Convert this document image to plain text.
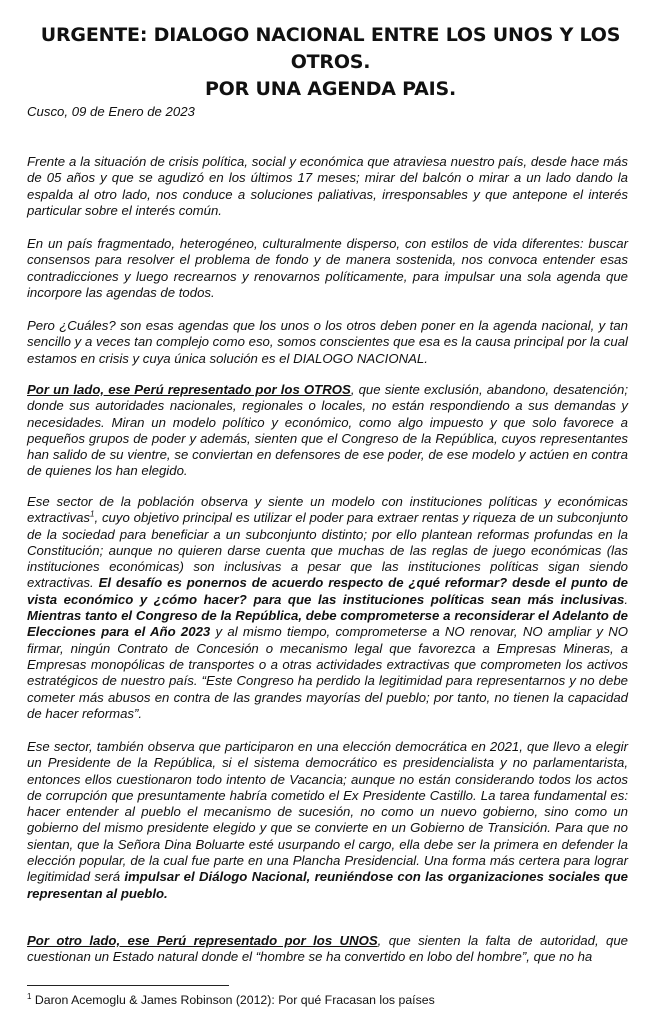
URGENTE: DIALOGO NACIONAL ENTRE LOS UNOS Y LOS OTROS.
POR UNA AGENDA PAIS.
Cusco, 09 de Enero de 2023
Frente a la situación de crisis política, social y económica que atraviesa nuestro país, desde hace más de 05 años y que se agudizó en los últimos 17 meses; mirar del balcón o mirar a un lado dando la espalda al otro lado, nos conduce a soluciones paliativas, irresponsables y que antepone el interés particular sobre el interés común.
En un país fragmentado, heterogéneo, culturalmente disperso, con estilos de vida diferentes: buscar consensos para resolver el problema de fondo y de manera sostenida, nos convoca entender esas contradicciones y luego recrearnos y renovarnos políticamente, para impulsar una sola agenda que incorpore las agendas de todos.
Pero ¿Cuáles? son esas agendas que los unos o los otros deben poner en la agenda nacional, y tan sencillo y a veces tan complejo como eso, somos conscientes que esa es la causa principal por la cual estamos en crisis y cuya única solución es el DIALOGO NACIONAL.
Por un lado, ese Perú representado por los OTROS, que siente exclusión, abandono, desatención; donde sus autoridades nacionales, regionales o locales, no están respondiendo a sus demandas y necesidades. Miran un modelo político y económico, como algo impuesto y que solo favorece a pequeños grupos de poder y además, sienten que el Congreso de la República, cuyos representantes han salido de su vientre, se conviertan en defensores de ese poder, de ese modelo y actúen en contra de quienes los han elegido.
Ese sector de la población observa y siente un modelo con instituciones políticas y económicas extractivas$^1$, cuyo objetivo principal es utilizar el poder para extraer rentas y riqueza de un subconjunto de la sociedad para beneficiar a un subconjunto distinto; por ello plantean reformas profundas en la Constitución; aunque no quieren darse cuenta que muchas de las reglas de juego económicas (las instituciones económicas) son inclusivas a pesar que las instituciones políticas sigan siendo extractivas. El desafío es ponernos de acuerdo respecto de ¿qué reformar? desde el punto de vista económico y ¿cómo hacer? para que las instituciones políticas sean más inclusivas. Mientras tanto el Congreso de la República, debe comprometerse a reconsiderar el Adelanto de Elecciones para el Año 2023 y al mismo tiempo, comprometerse a NO renovar, NO ampliar y NO firmar, ningún Contrato de Concesión o mecanismo legal que favorezca a Empresas Mineras, a Empresas monopólicas de transportes o a otras actividades extractivas que comprometen los activos estratégicos de nuestro país. “Este Congreso ha perdido la legitimidad para representarnos y no debe cometer más abusos en contra de las grandes mayorías del pueblo; por tanto, no tienen la capacidad de hacer reformas”.
Ese sector, también observa que participaron en una elección democrática en 2021, que llevo a elegir un Presidente de la República, si el sistema democrático es presidencialista y no parlamentarista, entonces ellos cuestionaron todo intento de Vacancia; aunque no están considerando todos los actos de corrupción que presuntamente habría cometido el Ex Presidente Castillo. La tarea fundamental es: hacer entender al pueblo el mecanismo de sucesión, no como un nuevo gobierno, sino como un gobierno del mismo presidente elegido y que se convierte en un Gobierno de Transición. Para que no sientan, que la Señora Dina Boluarte esté usurpando el cargo, ella debe ser la primera en defender la elección popular, de la cual fue parte en una Plancha Presidencial. Una forma más certera para lograr legitimidad será impulsar el Diálogo Nacional, reuniéndose con las organizaciones sociales que representan al pueblo.
Por otro lado, ese Perú representado por los UNOS, que sienten la falta de autoridad, que cuestionan un Estado natural donde el “hombre se ha convertido en lobo del hombre”, que no ha
$^1$ Daron Acemoglu & James Robinson (2012): Por qué Fracasan los países
